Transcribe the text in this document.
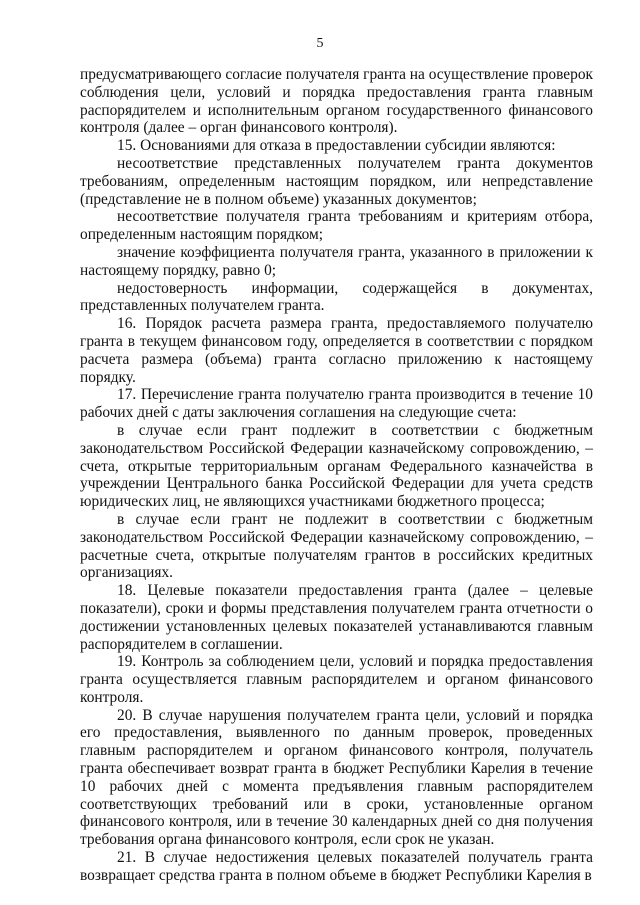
5

предусматривающего согласие получателя гранта на осуществление проверок соблюдения цели, условий и порядка предоставления гранта главным распорядителем и исполнительным органом государственного финансового контроля (далее – орган финансового контроля).

15. Основаниями для отказа в предоставлении субсидии являются:

несоответствие представленных получателем гранта документов требованиям, определенным настоящим порядком, или непредставление (представление не в полном объеме) указанных документов;

несоответствие получателя гранта требованиям и критериям отбора, определенным настоящим порядком;

значение коэффициента получателя гранта, указанного в приложении к настоящему порядку, равно 0;

недостоверность информации, содержащейся в документах, представленных получателем гранта.

16. Порядок расчета размера гранта, предоставляемого получателю гранта в текущем финансовом году, определяется в соответствии с порядком расчета размера (объема) гранта согласно приложению к настоящему порядку.

17. Перечисление гранта получателю гранта производится в течение 10 рабочих дней с даты заключения соглашения на следующие счета:

в случае если грант подлежит в соответствии с бюджетным законодательством Российской Федерации казначейскому сопровождению, – счета, открытые территориальным органам Федерального казначейства в учреждении Центрального банка Российской Федерации для учета средств юридических лиц, не являющихся участниками бюджетного процесса;

в случае если грант не подлежит в соответствии с бюджетным законодательством Российской Федерации казначейскому сопровождению, – расчетные счета, открытые получателям грантов в российских кредитных организациях.

18. Целевые показатели предоставления гранта (далее – целевые показатели), сроки и формы представления получателем гранта отчетности о достижении установленных целевых показателей устанавливаются главным распорядителем в соглашении.

19. Контроль за соблюдением цели, условий и порядка предоставления гранта осуществляется главным распорядителем и органом финансового контроля.

20. В случае нарушения получателем гранта цели, условий и порядка его предоставления, выявленного по данным проверок, проведенных главным распорядителем и органом финансового контроля, получатель гранта обеспечивает возврат гранта в бюджет Республики Карелия в течение 10 рабочих дней с момента предъявления главным распорядителем соответствующих требований или в сроки, установленные органом финансового контроля, или в течение 30 календарных дней со дня получения требования органа финансового контроля, если срок не указан.

21. В случае недостижения целевых показателей получатель гранта возвращает средства гранта в полном объеме в бюджет Республики Карелия в
